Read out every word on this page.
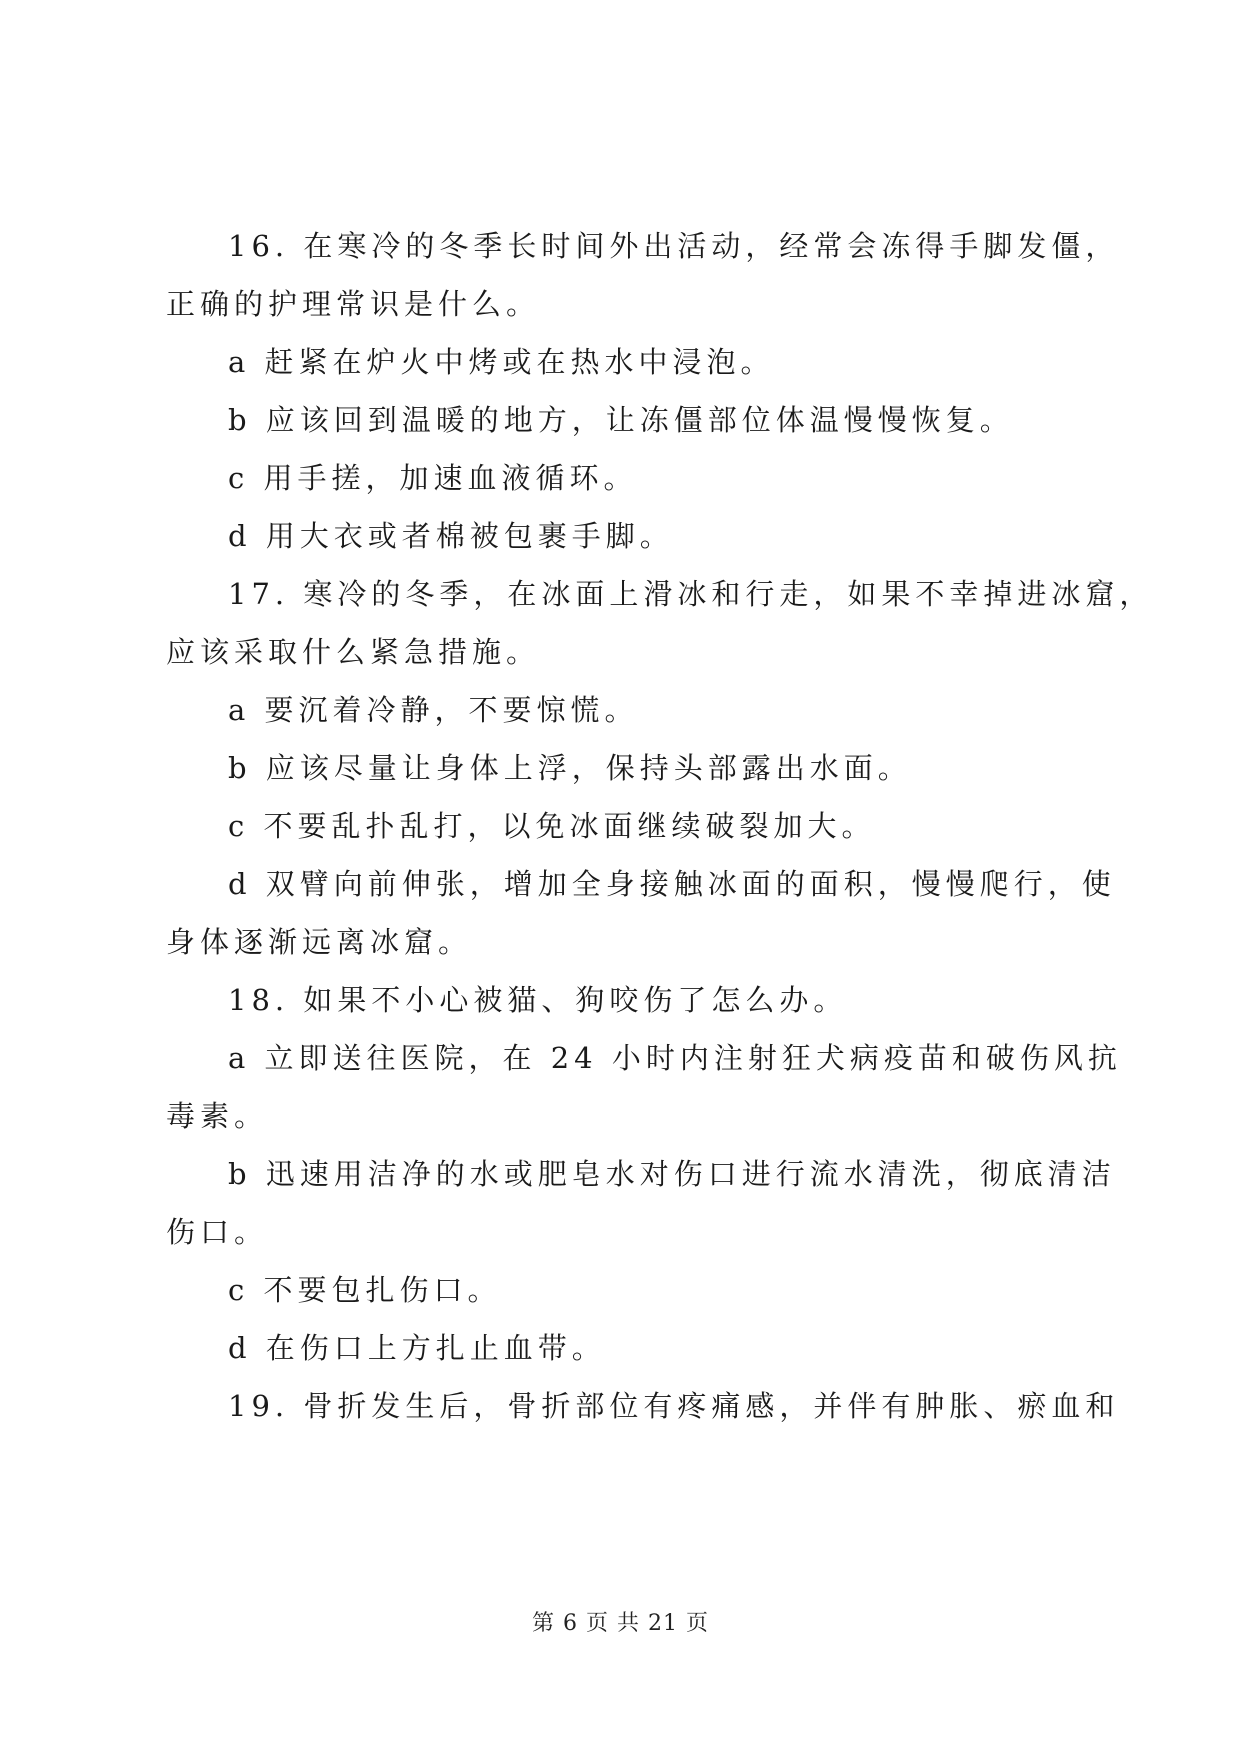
16. 在寒冷的冬季长时间外出活动，经常会冻得手脚发僵，
正确的护理常识是什么。
a 赶紧在炉火中烤或在热水中浸泡。
b 应该回到温暖的地方，让冻僵部位体温慢慢恢复。
c 用手搓，加速血液循环。
d 用大衣或者棉被包裹手脚。
17. 寒冷的冬季，在冰面上滑冰和行走，如果不幸掉进冰窟，
应该采取什么紧急措施。
a 要沉着冷静，不要惊慌。
b 应该尽量让身体上浮，保持头部露出水面。
c 不要乱扑乱打，以免冰面继续破裂加大。
d 双臂向前伸张，增加全身接触冰面的面积，慢慢爬行，使
身体逐渐远离冰窟。
18. 如果不小心被猫、狗咬伤了怎么办。
a 立即送往医院，在 24 小时内注射狂犬病疫苗和破伤风抗
毒素。
b 迅速用洁净的水或肥皂水对伤口进行流水清洗，彻底清洁
伤口。
c 不要包扎伤口。
d 在伤口上方扎止血带。
19. 骨折发生后，骨折部位有疼痛感，并伴有肿胀、瘀血和
第 6 页 共 21 页
